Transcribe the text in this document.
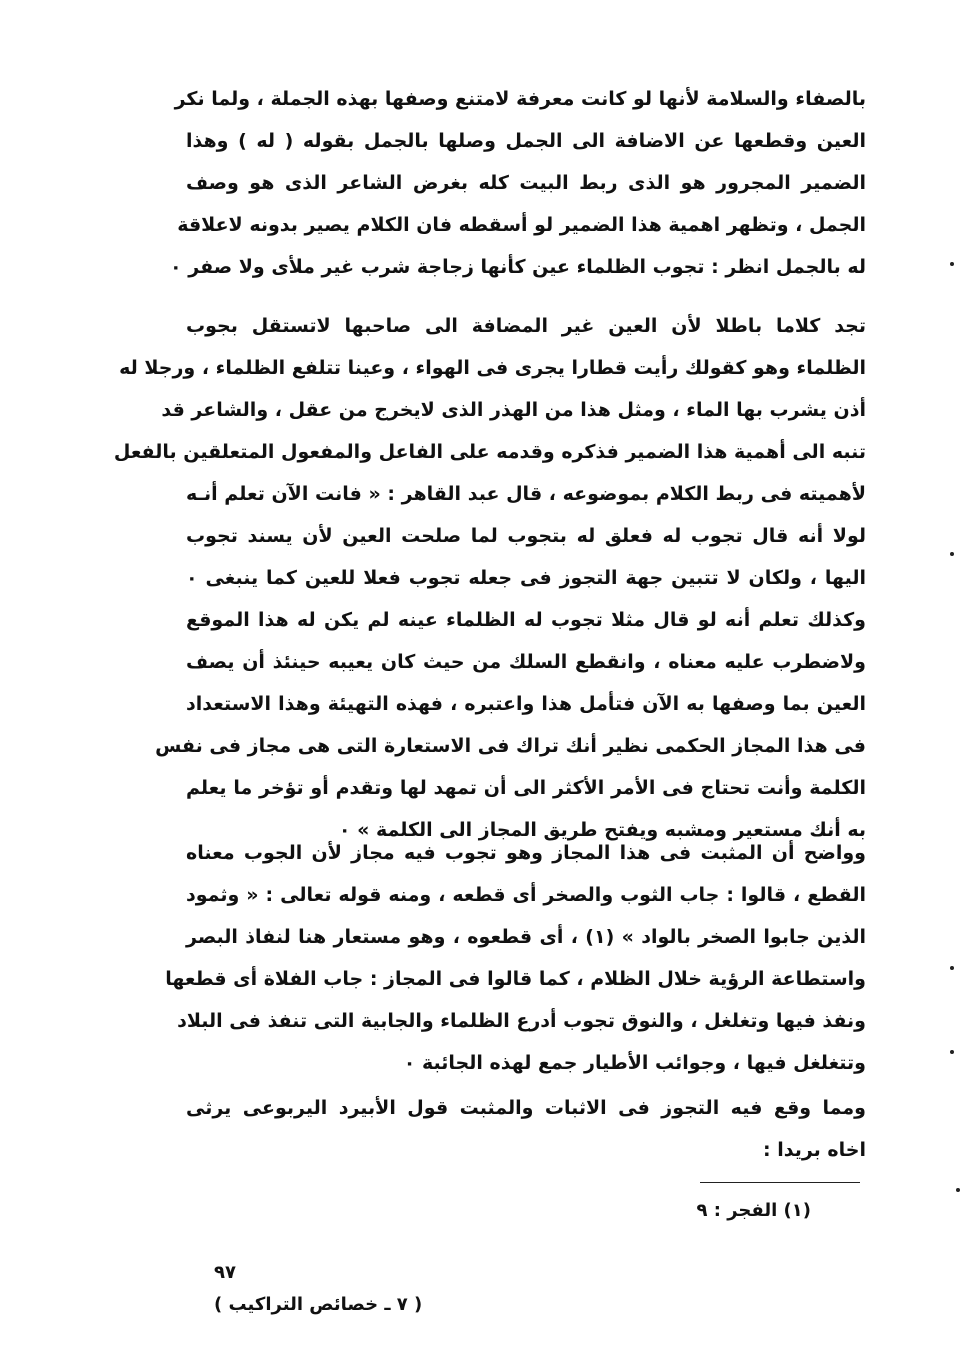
بالصفاء والسلامة لأنها لو كانت معرفة لامتنع وصفها بهذه الجملة ، ولما نكر
العين وقطعها عن الاضافة الى الجمل وصلها بالجمل بقوله ( له ) وهذا
الضمير المجرور هو الذى ربط البيت كله بغرض الشاعر الذى هو وصف
الجمل ، وتظهر اهمية هذا الضمير لو أسقطه فان الكلام يصير بدونه لاعلاقة
له بالجمل انظر : تجوب الظلماء عين كأنها زجاجة شرب غير ملأى ولا صفر ٠
تجد كلاما باطلا لأن العين غير المضافة الى صاحبها لاتستقل بجوب
الظلماء وهو كقولك رأيت قطارا يجرى فى الهواء ، وعينا تتلفع الظلماء ، ورجلا له
أذن يشرب بها الماء ، ومثل هذا من الهذر الذى لايخرج من عقل ، والشاعر قد
تنبه الى أهمية هذا الضمير فذكره وقدمه على الفاعل والمفعول المتعلقين بالفعل
لأهميته فى ربط الكلام بموضوعه ، قال عبد القاهر : « فانت الآن تعلم أنـه
لولا أنه قال تجوب له فعلق له بتجوب لما صلحت العين لأن يسند تجوب
اليها ، ولكان لا تتبين جهة التجوز فى جعله تجوب فعلا للعين كما ينبغى ٠
وكذلك تعلم أنه لو قال مثلا تجوب له الظلماء عينه لم يكن له هذا الموقع
ولاضطرب عليه معناه ، وانقطع السلك من حيث كان يعيبه حينئذ أن يصف
العين بما وصفها به الآن فتأمل هذا واعتبره ، فهذه التهيئة وهذا الاستعداد
فى هذا المجاز الحكمى نظير أنك تراك فى الاستعارة التى هى مجاز فى نفس
الكلمة وأنت تحتاج فى الأمر الأكثر الى أن تمهد لها وتقدم أو تؤخر ما يعلم
به أنك مستعير ومشبه ويفتح طريق المجاز الى الكلمة » ٠
وواضح أن المثبت فى هذا المجاز وهو تجوب فيه مجاز لأن الجوب معناه
القطع ، قالوا : جاب الثوب والصخر أى قطعه ، ومنه قوله تعالى : « وثمود
الذين جابوا الصخر بالواد » (١) ، أى قطعوه ، وهو مستعار هنا لنفاذ البصر
واستطاعة الرؤية خلال الظلام ، كما قالوا فى المجاز : جاب الفلاة أى قطعها
ونفذ فيها وتغلغل ، والنوق تجوب أدرع الظلماء والجابية التى تنفذ فى البلاد
وتتغلغل فيها ، وجوائب الأطيار جمع لهذه الجائبة ٠
ومما وقع فيه التجوز فى الاثبات والمثبت قول الأبيرد اليربوعى يرثى
اخاه بريدا :
(١) الفجر : ٩
٩٧
( ٧ ـ خصائص التراكيب )
